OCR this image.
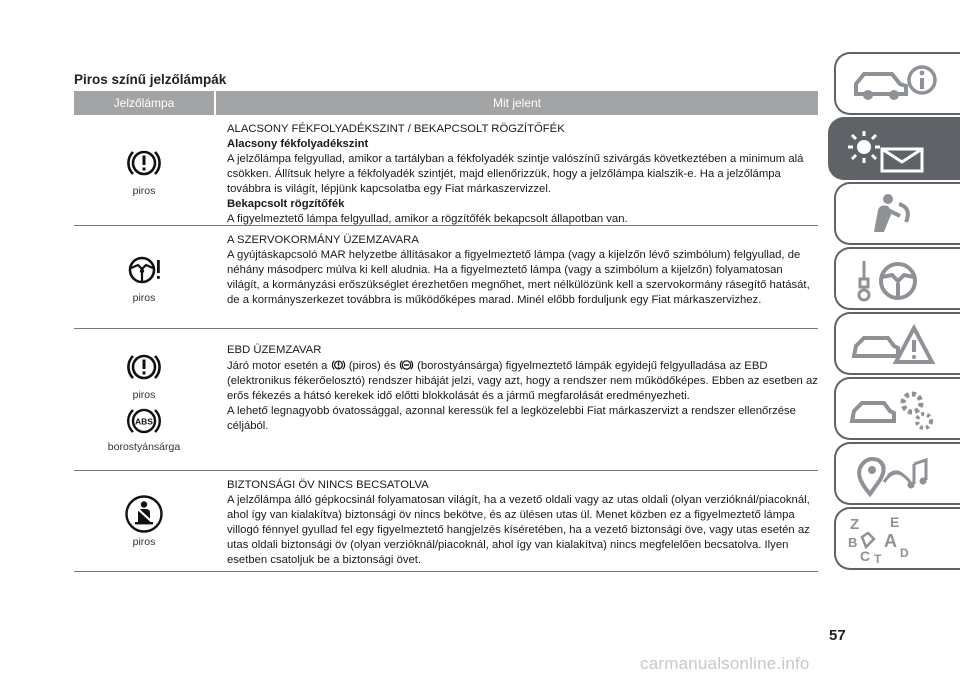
Piros színű jelzőlámpák
Jelzőlámpa	Mit jelent
piros

ALACSONY FÉKFOLYADÉKSZINT / BEKAPCSOLT RÖGZÍTŐFÉK

Alacsony fékfolyadékszint

A jelzőlámpa felgyullad, amikor a tartályban a fékfolyadék szintje valószínű szivárgás következtében a minimum alá csökken. Állítsuk helyre a fékfolyadék szintjét, majd ellenőrizzük, hogy a jelzőlámpa kialszik-e. Ha a jelzőlámpa továbbra is világít, lépjünk kapcsolatba egy Fiat márkaszervizzel.

Bekapcsolt rögzítőfék

A figyelmeztető lámpa felgyullad, amikor a rögzítőfék bekapcsolt állapotban van.

piros

A SZERVOKORMÁNY ÜZEMZAVARA

A gyújtáskapcsoló MAR helyzetbe állításakor a figyelmeztető lámpa (vagy a kijelzőn lévő szimbólum) felgyullad, de néhány másodperc múlva ki kell aludnia. Ha a figyelmeztető lámpa (vagy a szimbólum a kijelzőn) folyamatosan világít, a kormányzási erőszükséglet érezhetően megnőhet, mert nélkülözünk kell a szervokormány rásegítő hatását, de a kormányszerkezet továbbra is működőképes marad. Minél előbb forduljunk egy Fiat márkaszervizhez.

piros
ABS
borostyánsárga

EBD ÜZEMZAVAR

Járó motor esetén a (piros) és (borostyánsárga) figyelmeztető lámpák egyidejű felgyulladása az EBD (elektronikus fékerőelosztó) rendszer hibáját jelzi, vagy azt, hogy a rendszer nem működőképes. Ebben az esetben az erős fékezés a hátsó kerekek idő előtti blokkolását és a jármű megfarolását eredményezheti.

A lehető legnagyobb óvatossággal, azonnal keressük fel a legközelebbi Fiat márkaszervizt a rendszer ellenőrzése céljából.

piros

BIZTONSÁGI ÖV NINCS BECSATOLVA

A jelzőlámpa álló gépkocsinál folyamatosan világít, ha a vezető oldali vagy az utas oldali (olyan verzióknál/piacoknál, ahol így van kialakítva) biztonsági öv nincs bekötve, és az ülésen utas ül. Menet közben ez a figyelmeztető lámpa villogó fénnyel gyullad fel egy figyelmeztető hangjelzés kíséretében, ha a vezető biztonsági öve, vagy utas esetén az utas oldali biztonsági öv (olyan verzióknál/piacoknál, ahol így van kialakítva) nincs megfelelően becsatolva. Ilyen esetben csatoljuk be a biztonsági övet.

Z E
B A
C D
T
57
carmanualsonline.info
